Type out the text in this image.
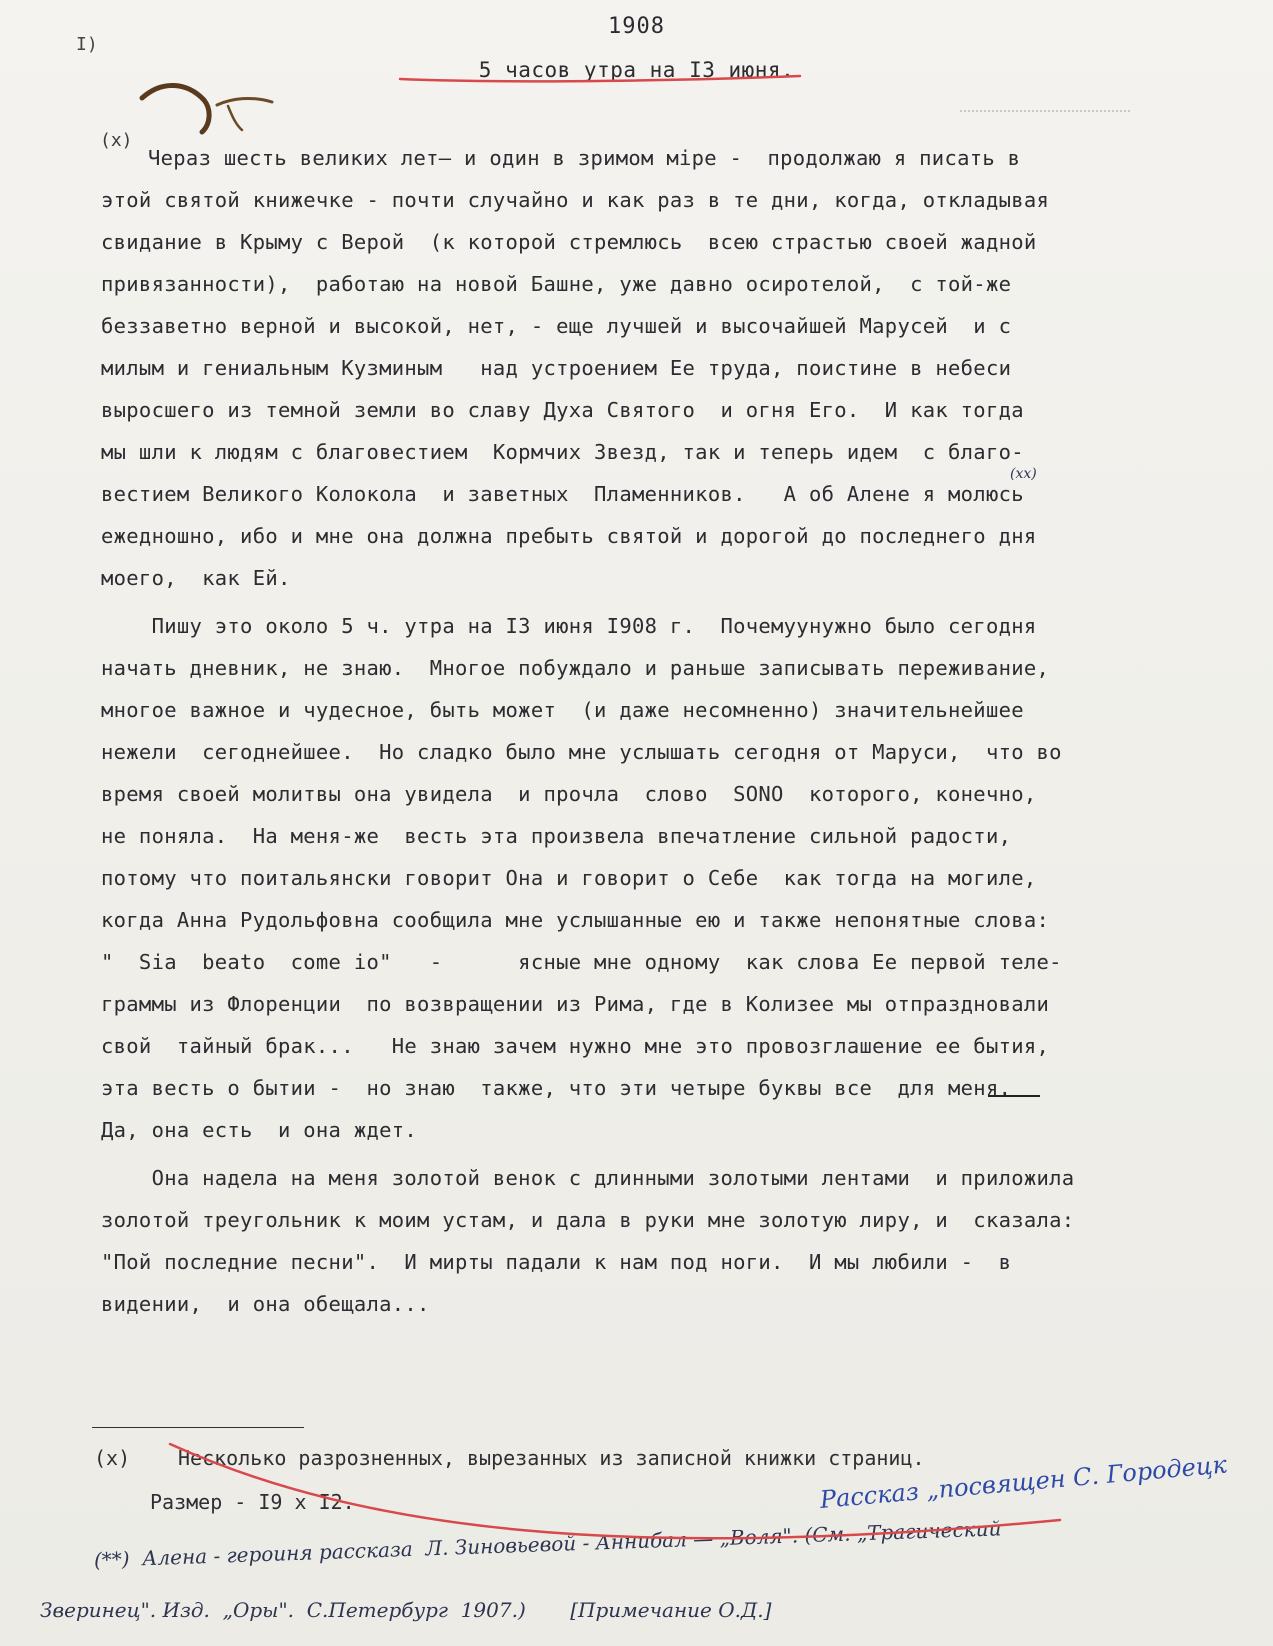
I)
1908
5 часов утра на I3 июня.
(x)
Чераз шесть великих лет— и один в зримом міре -  продолжаю я писать в
этой святой книжечке - почти случайно и как раз в те дни, когда, откладывая
свидание в Крыму с Верой  (к которой стремлюсь  всею страстью своей жадной
привязанности),  работаю на новой Башне, уже давно осиротелой,  с той-же
беззаветно верной и высокой, нет, - еще лучшей и высочайшей Марусей  и с
милым и гениальным Кузминым   над устроением Ее труда, поистине в небеси
выросшего из темной земли во славу Духа Святого  и огня Его.  И как тогда
мы шли к людям с благовестием  Кормчих Звезд, так и теперь идем  с благо-
вестием Великого Колокола  и заветных  Пламенников.   А об Алене я молюсь
ежедношно, ибо и мне она должна пребыть святой и дорогой до последнего дня
моего,  как Ей.
Пишу это около 5 ч. утра на I3 июня I908 г.  Почемуунужно было сегодня
начать дневник, не знаю.  Многое побуждало и раньше записывать переживание,
многое важное и чудесное, быть может  (и даже несомненно) значительнейшее
нежели  сегоднейшее.  Но сладко было мне услышать сегодня от Маруси,  что во
время своей молитвы она увидела  и прочла  слово  SONO  которого, конечно,
не поняла.  На меня-же  весть эта произвела впечатление сильной радости,
потому что поитальянски говорит Она и говорит о Себе  как тогда на могиле,
когда Анна Рудольфовна сообщила мне услышанные ею и также непонятные слова:
"  Sia  beato  come io"   -      ясные мне одному  как слова Ее первой теле-
граммы из Флоренции  по возвращении из Рима, где в Колизее мы отпраздновали
свой  тайный брак...   Не знаю зачем нужно мне это провозглашение ее бытия,
эта весть о бытии -  но знаю  также, что эти четыре буквы все  для меня.
Да, она есть  и она ждет.
Она надела на меня золотой венок с длинными золотыми лентами  и приложила
золотой треугольник к моим устам, и дала в руки мне золотую лиру, и  сказала:
"Пой последние песни".  И мирты падали к нам под ноги.  И мы любили -  в
видении,  и она обещала...
(xx)
(x) Несколько разрозненных, вырезанных из записной книжки страниц.
Размер - I9 x I2.	Рассказ „посвящен С. Городецк
(**)  Алена - героиня рассказа  Л. Зиновьевой - Аннибал — „Воля". (См. „Трагический
Зверинец". Изд.  „Оры".  С.Петербург  1907.)       [Примечание О.Д.]
